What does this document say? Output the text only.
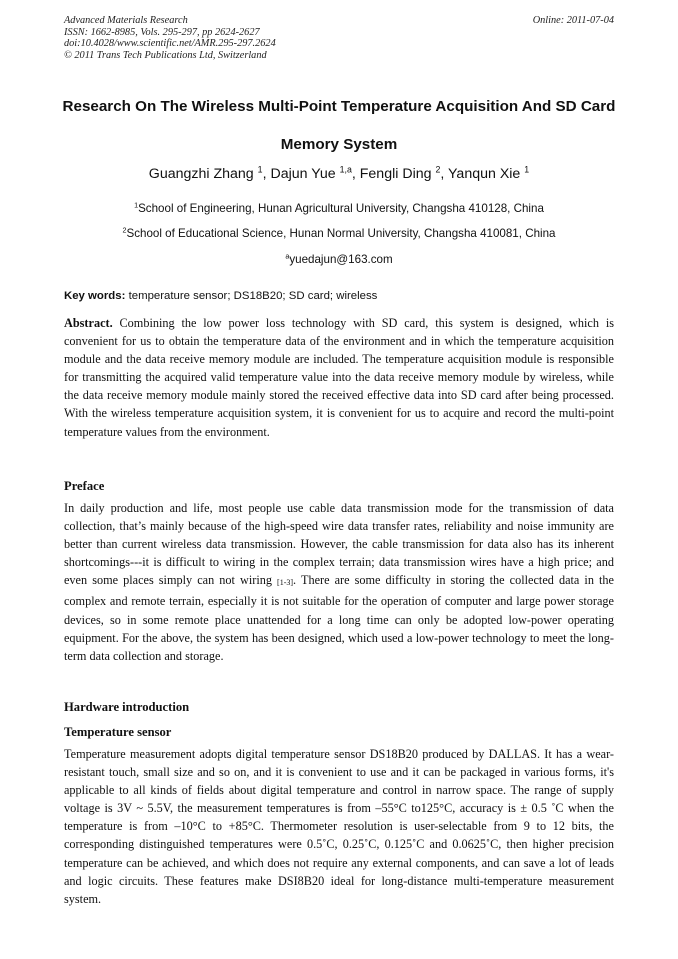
Advanced Materials Research
ISSN: 1662-8985, Vols. 295-297, pp 2624-2627
doi:10.4028/www.scientific.net/AMR.295-297.2624
© 2011 Trans Tech Publications Ltd, Switzerland
Online: 2011-07-04
Research On The Wireless Multi-Point Temperature Acquisition And SD Card Memory System
Guangzhi Zhang $^1$, Dajun Yue $^{1,a}$, Fengli Ding $^2$, Yanqun Xie $^1$
$^1$School of Engineering, Hunan Agricultural University, Changsha 410128, China
$^2$School of Educational Science, Hunan Normal University, Changsha 410081, China
$^a$yuedajun@163.com
Key words: temperature sensor; DS18B20; SD card; wireless
Abstract. Combining the low power loss technology with SD card, this system is designed, which is convenient for us to obtain the temperature data of the environment and in which the temperature acquisition module and the data receive memory module are included. The temperature acquisition module is responsible for transmitting the acquired valid temperature value into the data receive memory module by wireless, while the data receive memory module mainly stored the received effective data into SD card after being processed. With the wireless temperature acquisition system, it is convenient for us to acquire and record the multi-point temperature values from the environment.
Preface
In daily production and life, most people use cable data transmission mode for the transmission of data collection, that’s mainly because of the high-speed wire data transfer rates, reliability and noise immunity are better than current wireless data transmission. However, the cable transmission for data also has its inherent shortcomings---it is difficult to wiring in the complex terrain; data transmission wires have a high price; and even some places simply can not wiring [1-3]. There are some difficulty in storing the collected data in the complex and remote terrain, especially it is not suitable for the operation of computer and large power storage devices, so in some remote place unattended for a long time can only be adopted low-power operating equipment. For the above, the system has been designed, which used a low-power technology to meet the long-term data collection and storage.
Hardware introduction
Temperature sensor
Temperature measurement adopts digital temperature sensor DS18B20 produced by DALLAS. It has a wear-resistant touch, small size and so on, and it is convenient to use and it can be packaged in various forms, it's applicable to all kinds of fields about digital temperature and control in narrow space. The range of supply voltage is 3V ~ 5.5V, the measurement temperatures is from –55°C to125°C, accuracy is ± 0.5 ˚C when the temperature is from –10°C to +85°C. Thermometer resolution is user-selectable from 9 to 12 bits, the corresponding distinguished temperatures were 0.5˚C, 0.25˚C, 0.125˚C and 0.0625˚C, then higher precision temperature can be achieved, and which does not require any external components, and can save a lot of leads and logic circuits. These features make DSI8B20 ideal for long-distance multi-temperature measurement system.
